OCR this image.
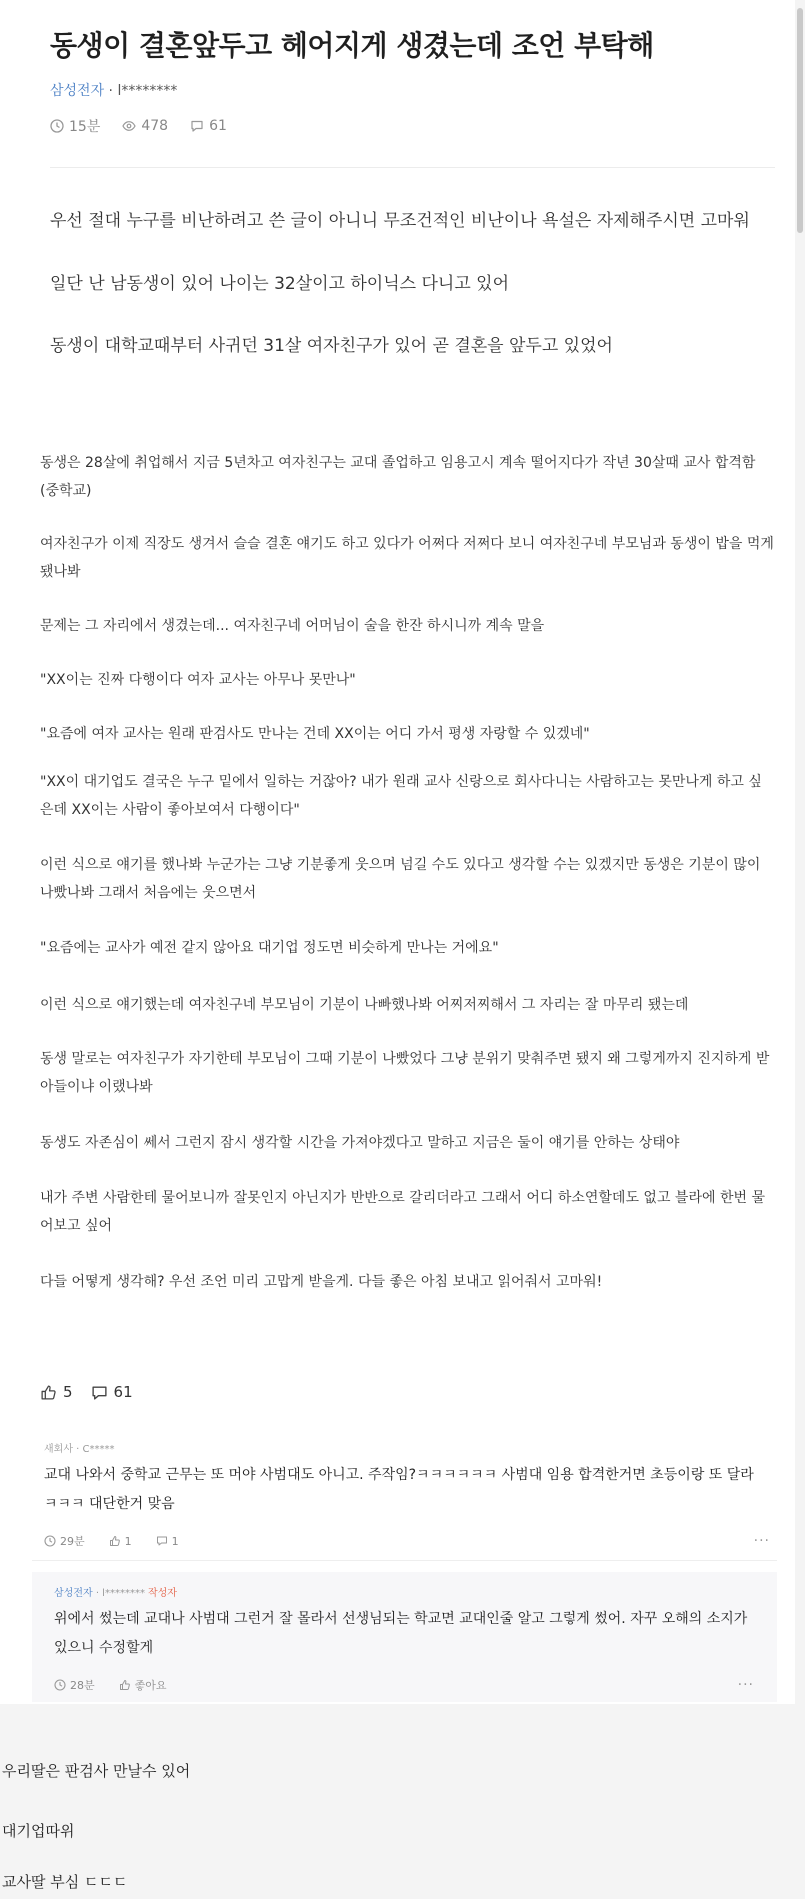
동생이 결혼앞두고 헤어지게 생겼는데 조언 부탁해
삼성전자 · l********
15분	478	61

우선 절대 누구를 비난하려고 쓴 글이 아니니 무조건적인 비난이나 욕설은 자제해주시면 고마워

일단 난 남동생이 있어 나이는 32살이고 하이닉스 다니고 있어

동생이 대학교때부터 사귀던 31살 여자친구가 있어 곧 결혼을 앞두고 있었어

동생은 28살에 취업해서 지금 5년차고 여자친구는 교대 졸업하고 임용고시 계속 떨어지다가 작년 30살때 교사 합격함 (중학교)

여자친구가 이제 직장도 생겨서 슬슬 결혼 얘기도 하고 있다가 어쩌다 저쩌다 보니 여자친구네 부모님과 동생이 밥을 먹게 됐나봐

문제는 그 자리에서 생겼는데... 여자친구네 어머님이 술을 한잔 하시니까 계속 말을

"XX이는 진짜 다행이다 여자 교사는 아무나 못만나"

"요즘에 여자 교사는 원래 판검사도 만나는 건데 XX이는 어디 가서 평생 자랑할 수 있겠네"

"XX이 대기업도 결국은 누구 밑에서 일하는 거잖아? 내가 원래 교사 신랑으로 회사다니는 사람하고는 못만나게 하고 싶은데 XX이는 사람이 좋아보여서 다행이다"

이런 식으로 얘기를 했나봐 누군가는 그냥 기분좋게 웃으며 넘길 수도 있다고 생각할 수는 있겠지만 동생은 기분이 많이 나빴나봐 그래서 처음에는 웃으면서

"요즘에는 교사가 예전 같지 않아요 대기업 정도면 비슷하게 만나는 거에요"

이런 식으로 얘기했는데 여자친구네 부모님이 기분이 나빠했나봐 어찌저찌해서 그 자리는 잘 마무리 됐는데

동생 말로는 여자친구가 자기한테 부모님이 그때 기분이 나빴었다 그냥 분위기 맞춰주면 됐지 왜 그렇게까지 진지하게 받아들이냐 이랬나봐

동생도 자존심이 쎄서 그런지 잠시 생각할 시간을 가져야겠다고 말하고 지금은 둘이 얘기를 안하는 상태야

내가 주변 사람한테 물어보니까 잘못인지 아닌지가 반반으로 갈리더라고 그래서 어디 하소연할데도 없고 블라에 한번 물어보고 싶어

다들 어떻게 생각해? 우선 조언 미리 고맙게 받을게. 다들 좋은 아침 보내고 읽어줘서 고마워!

5	61
새회사 · C*****
교대 나와서 중학교 근무는 또 머야 사범대도 아니고. 주작임?ㅋㅋㅋㅋㅋㅋ 사범대 임용 합격한거면 초등이랑 또 달라 ㅋㅋㅋ 대단한거 맞음
29분	1	1	···
삼성전자 · l******** 작성자
위에서 썼는데 교대나 사범대 그런거 잘 몰라서 선생님되는 학교면 교대인줄 알고 그렇게 썼어. 자꾸 오해의 소지가 있으니 수정할게
28분	좋아요	···

우리딸은 판검사 만날수 있어

대기업따위

교사딸 부심 ㄷㄷㄷ
